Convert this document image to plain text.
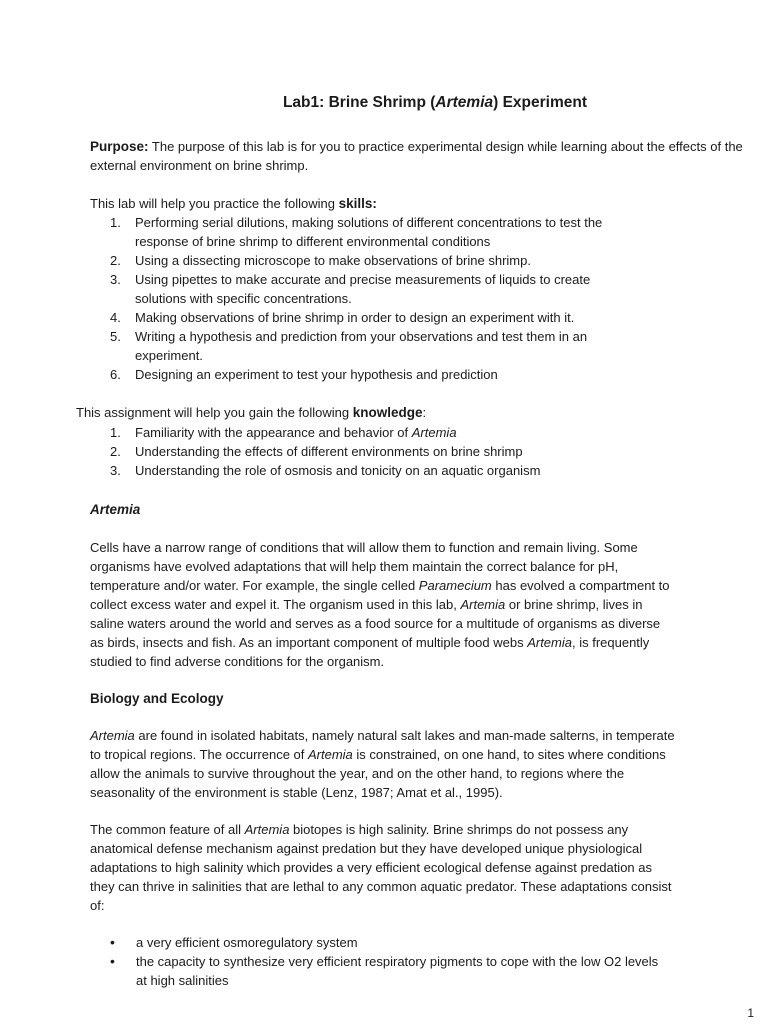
Lab1: Brine Shrimp (Artemia) Experiment
Purpose: The purpose of this lab is for you to practice experimental design while learning about the effects of the external environment on brine shrimp.
This lab will help you practice the following skills:
1.	Performing serial dilutions, making solutions of different concentrations to test the response of brine shrimp to different environmental conditions
2.	Using a dissecting microscope to make observations of brine shrimp.
3.	Using pipettes to make accurate and precise measurements of liquids to create solutions with specific concentrations.
4.	Making observations of brine shrimp in order to design an experiment with it.
5.	Writing a hypothesis and prediction from your observations and test them in an experiment.
6.	Designing an experiment to test your hypothesis and prediction
This assignment will help you gain the following knowledge:
1.	Familiarity with the appearance and behavior of Artemia
2.	Understanding the effects of different environments on brine shrimp
3.	Understanding the role of osmosis and tonicity on an aquatic organism
Artemia
Cells have a narrow range of conditions that will allow them to function and remain living. Some organisms have evolved adaptations that will help them maintain the correct balance for pH, temperature and/or water. For example, the single celled Paramecium has evolved a compartment to collect excess water and expel it. The organism used in this lab, Artemia or brine shrimp, lives in saline waters around the world and serves as a food source for a multitude of organisms as diverse as birds, insects and fish. As an important component of multiple food webs Artemia, is frequently studied to find adverse conditions for the organism.
Biology and Ecology
Artemia are found in isolated habitats, namely natural salt lakes and man-made salterns, in temperate to tropical regions. The occurrence of Artemia is constrained, on one hand, to sites where conditions allow the animals to survive throughout the year, and on the other hand, to regions where the seasonality of the environment is stable (Lenz, 1987; Amat et al., 1995).
The common feature of all Artemia biotopes is high salinity. Brine shrimps do not possess any anatomical defense mechanism against predation but they have developed unique physiological adaptations to high salinity which provides a very efficient ecological defense against predation as they can thrive in salinities that are lethal to any common aquatic predator. These adaptations consist of:
• a very efficient osmoregulatory system
• the capacity to synthesize very efficient respiratory pigments to cope with the low O2 levels at high salinities
1
